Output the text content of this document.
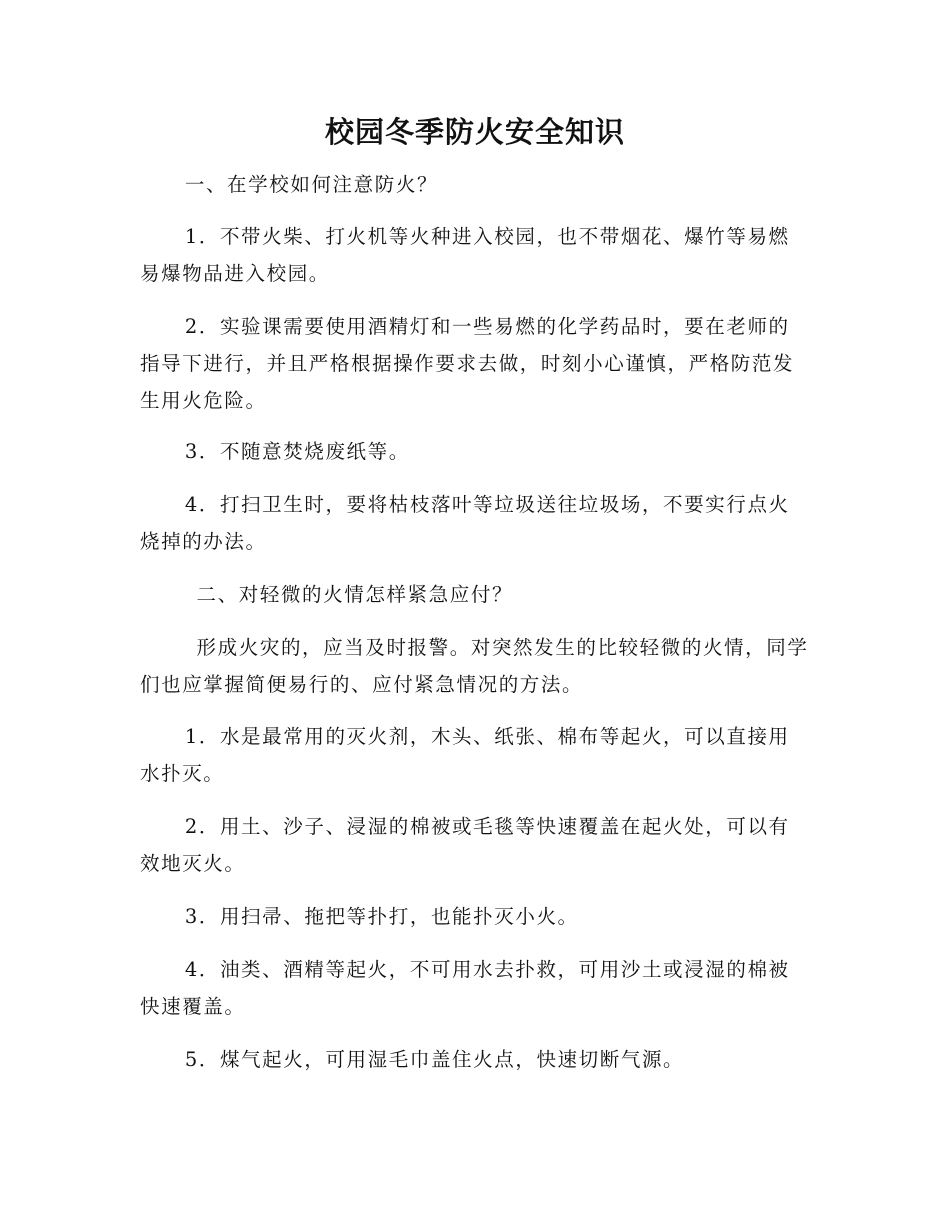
校园冬季防火安全知识

一、在学校如何注意防火？

1．不带火柴、打火机等火种进入校园，也不带烟花、爆竹等易燃易爆物品进入校园。

2．实验课需要使用酒精灯和一些易燃的化学药品时，要在老师的指导下进行，并且严格根据操作要求去做，时刻小心谨慎，严格防范发生用火危险。

3．不随意焚烧废纸等。

4．打扫卫生时，要将枯枝落叶等垃圾送往垃圾场，不要实行点火烧掉的办法。

二、对轻微的火情怎样紧急应付？

形成火灾的，应当及时报警。对突然发生的比较轻微的火情，同学们也应掌握简便易行的、应付紧急情况的方法。

1．水是最常用的灭火剂，木头、纸张、棉布等起火，可以直接用水扑灭。

2．用土、沙子、浸湿的棉被或毛毯等快速覆盖在起火处，可以有效地灭火。

3．用扫帚、拖把等扑打，也能扑灭小火。

4．油类、酒精等起火，不可用水去扑救，可用沙土或浸湿的棉被快速覆盖。

5．煤气起火，可用湿毛巾盖住火点，快速切断气源。
